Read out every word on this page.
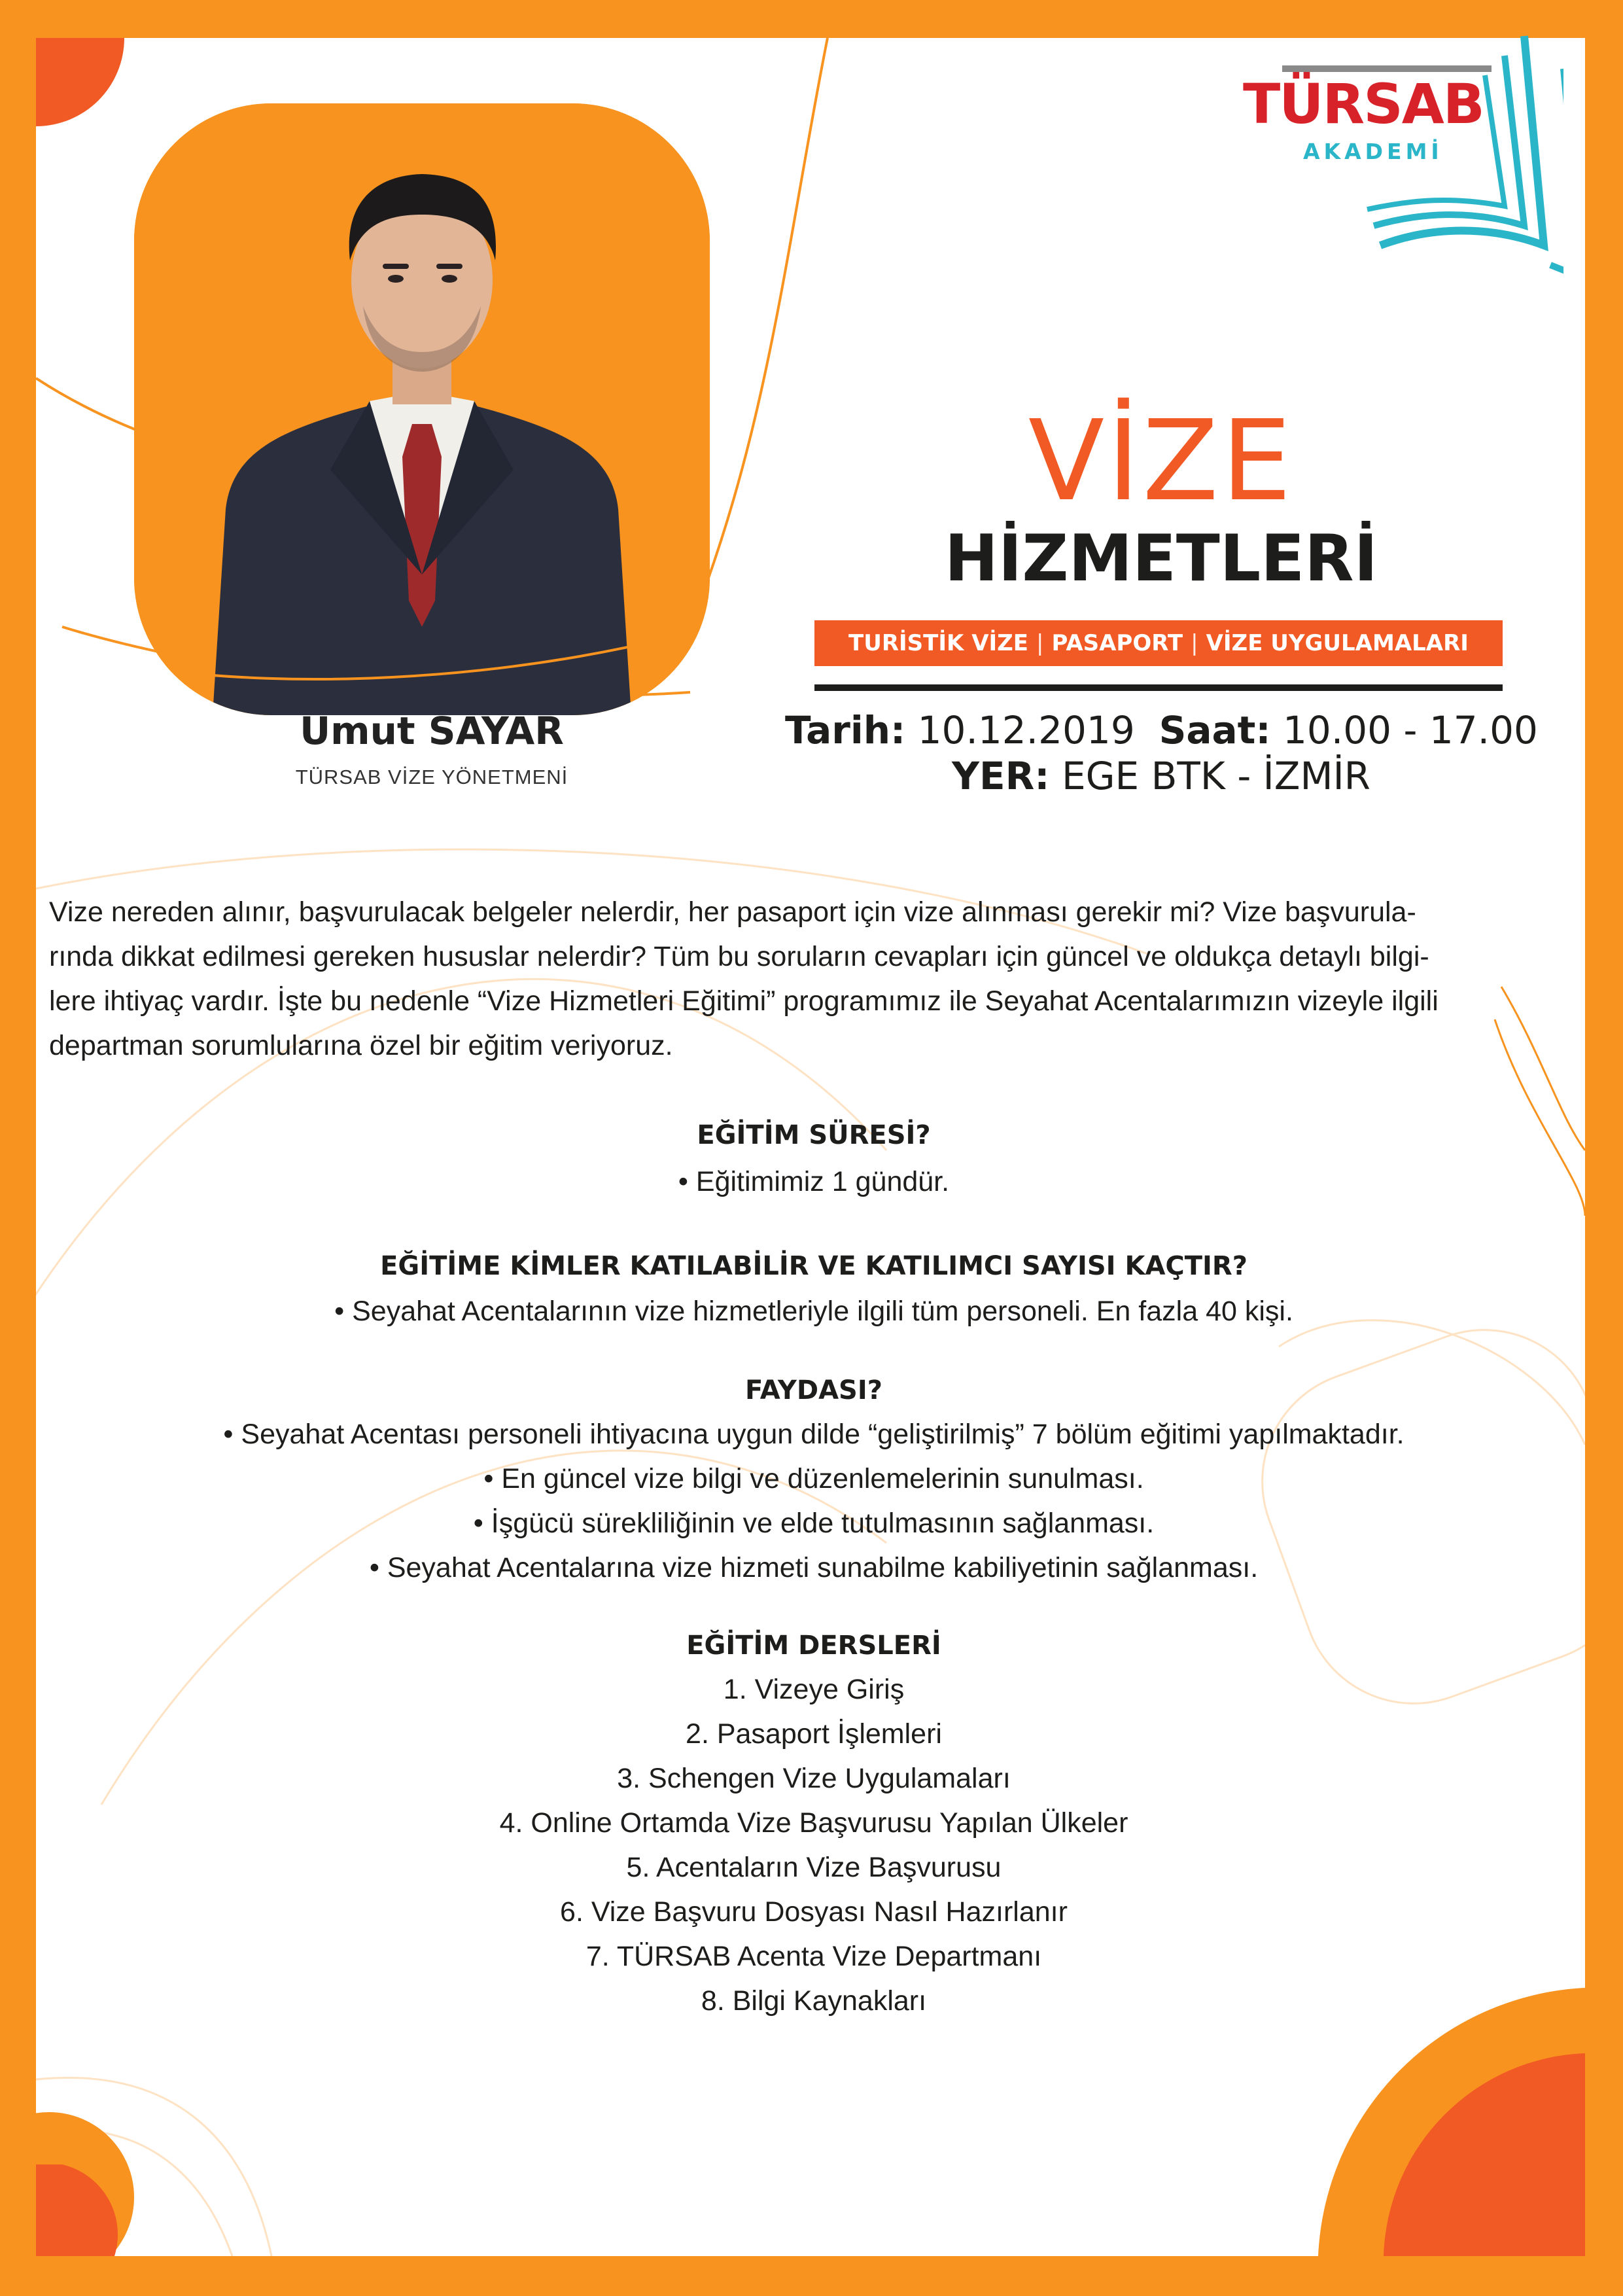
Umut SAYAR
TÜRSAB VİZE YÖNETMENİ
TÜRSAB
AKADEMİ
VİZE
HİZMETLERİ
TURİSTİK VİZE | PASAPORT | VİZE UYGULAMALARI
Tarih: 10.12.2019 Saat: 10.00 - 17.00
YER: EGE BTK - İZMİR

Vize nereden alınır, başvurulacak belgeler nelerdir, her pasaport için vize alınması gerekir mi? Vize başvurula-
rında dikkat edilmesi gereken hususlar nelerdir? Tüm bu soruların cevapları için güncel ve oldukça detaylı bilgi-
lere ihtiyaç vardır. İşte bu nedenle “Vize Hizmetleri Eğitimi” programımız ile Seyahat Acentalarımızın vizeyle ilgili
departman sorumlularına özel bir eğitim veriyoruz.

EĞİTİM SÜRESİ?
• Eğitimimiz 1 gündür.
EĞİTİME KİMLER KATILABİLİR VE KATILIMCI SAYISI KAÇTIR?
• Seyahat Acentalarının vize hizmetleriyle ilgili tüm personeli. En fazla 40 kişi.
FAYDASI?
• Seyahat Acentası personeli ihtiyacına uygun dilde “geliştirilmiş” 7 bölüm eğitimi yapılmaktadır.
• En güncel vize bilgi ve düzenlemelerinin sunulması.
• İşgücü sürekliliğinin ve elde tutulmasının sağlanması.
• Seyahat Acentalarına vize hizmeti sunabilme kabiliyetinin sağlanması.
EĞİTİM DERSLERİ
1. Vizeye Giriş
2. Pasaport İşlemleri
3. Schengen Vize Uygulamaları
4. Online Ortamda Vize Başvurusu Yapılan Ülkeler
5. Acentaların Vize Başvurusu
6. Vize Başvuru Dosyası Nasıl Hazırlanır
7. TÜRSAB Acenta Vize Departmanı
8. Bilgi Kaynakları
